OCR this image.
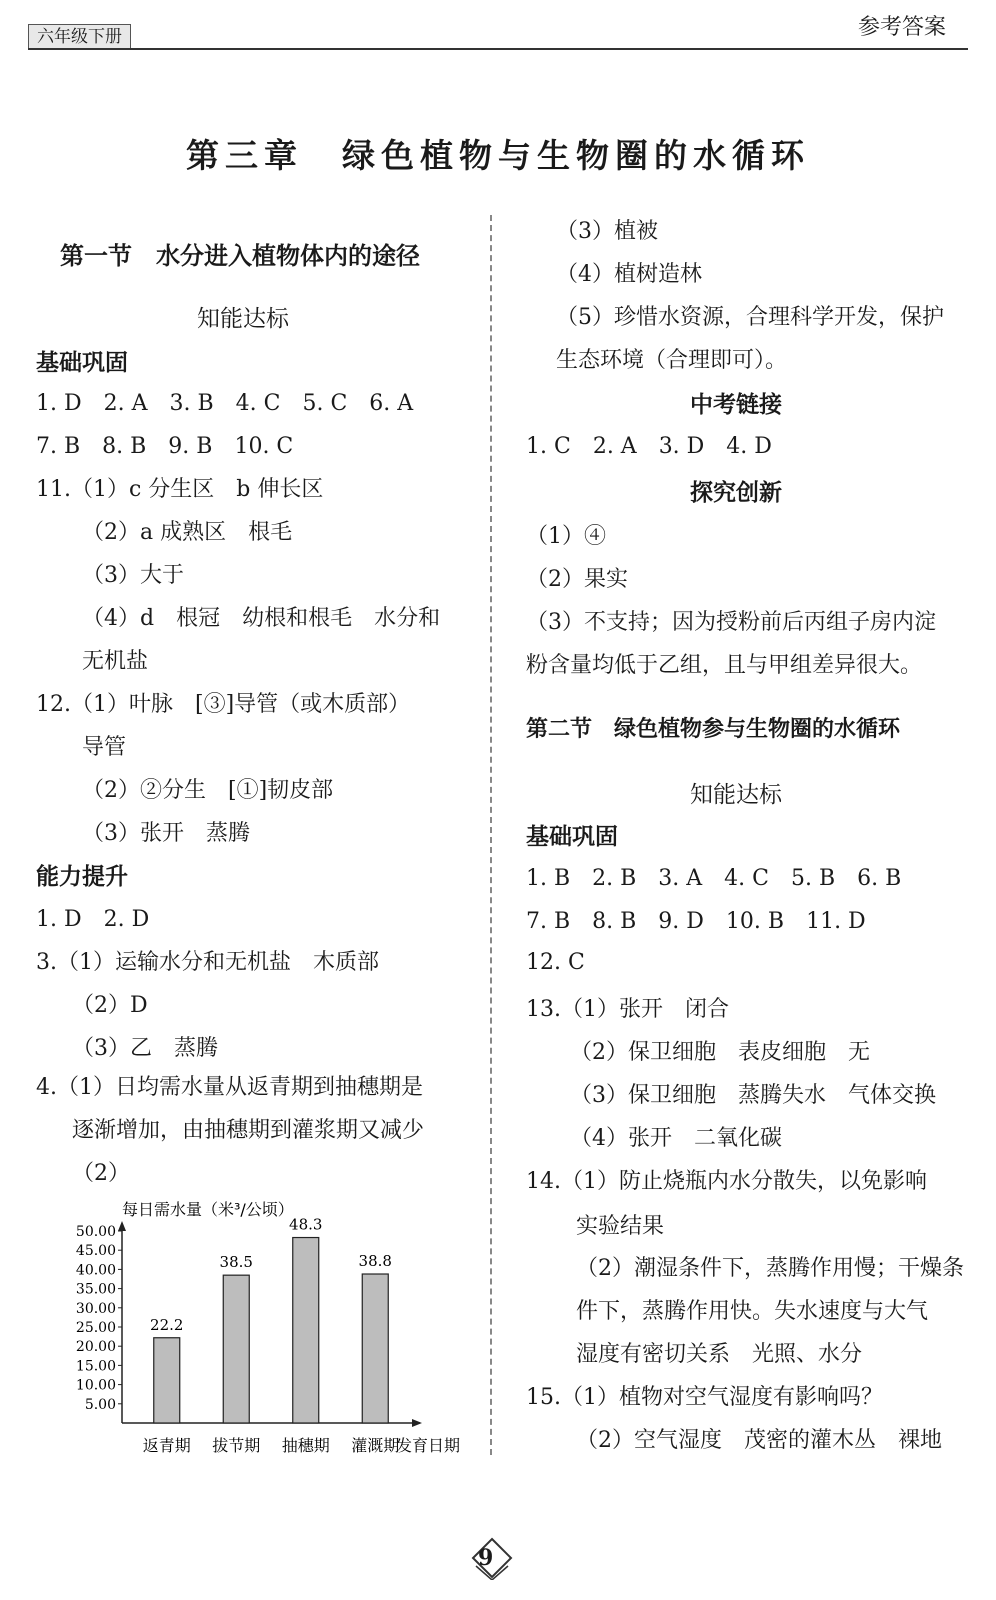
六年级下册	参考答案
第三章　绿色植物与生物圈的水循环
第一节　水分进入植物体内的途径
知能达标
基础巩固
1. D　2. A　3. B　4. C　5. C　6. A
7. B　8. B　9. B　10. C
11.（1）c 分生区　b 伸长区
（2）a 成熟区　根毛
（3）大于
（4）d　根冠　幼根和根毛　水分和
无机盐
12.（1）叶脉　[③]导管（或木质部）
导管
（2）②分生　[①]韧皮部
（3）张开　蒸腾
能力提升
1. D　2. D
3.（1）运输水分和无机盐　木质部
（2）D
（3）乙　蒸腾
4.（1）日均需水量从返青期到抽穗期是
逐渐增加，由抽穗期到灌浆期又减少
（2）
每日需水量（米³/公顷）
5.00
10.00
15.00
20.00
25.00
30.00
35.00
40.00
45.00
50.00
22.2
38.5
48.3
38.8
返青期 拔节期 抽穗期 灌溉期
发育日期
（3）植被
（4）植树造林
（5）珍惜水资源，合理科学开发，保护
生态环境（合理即可）。
中考链接
1. C　2. A　3. D　4. D
探究创新
（1）④
（2）果实
（3）不支持；因为授粉前后丙组子房内淀
粉含量均低于乙组，且与甲组差异很大。
第二节　绿色植物参与生物圈的水循环
知能达标
基础巩固
1. B　2. B　3. A　4. C　5. B　6. B
7. B　8. B　9. D　10. B　11. D
12. C
13.（1）张开　闭合
（2）保卫细胞　表皮细胞　无
（3）保卫细胞　蒸腾失水　气体交换
（4）张开　二氧化碳
14.（1）防止烧瓶内水分散失，以免影响
实验结果
（2）潮湿条件下，蒸腾作用慢；干燥条
件下，蒸腾作用快。失水速度与大气
湿度有密切关系　光照、水分
15.（1）植物对空气湿度有影响吗？
（2）空气湿度　茂密的灌木丛　裸地
9
